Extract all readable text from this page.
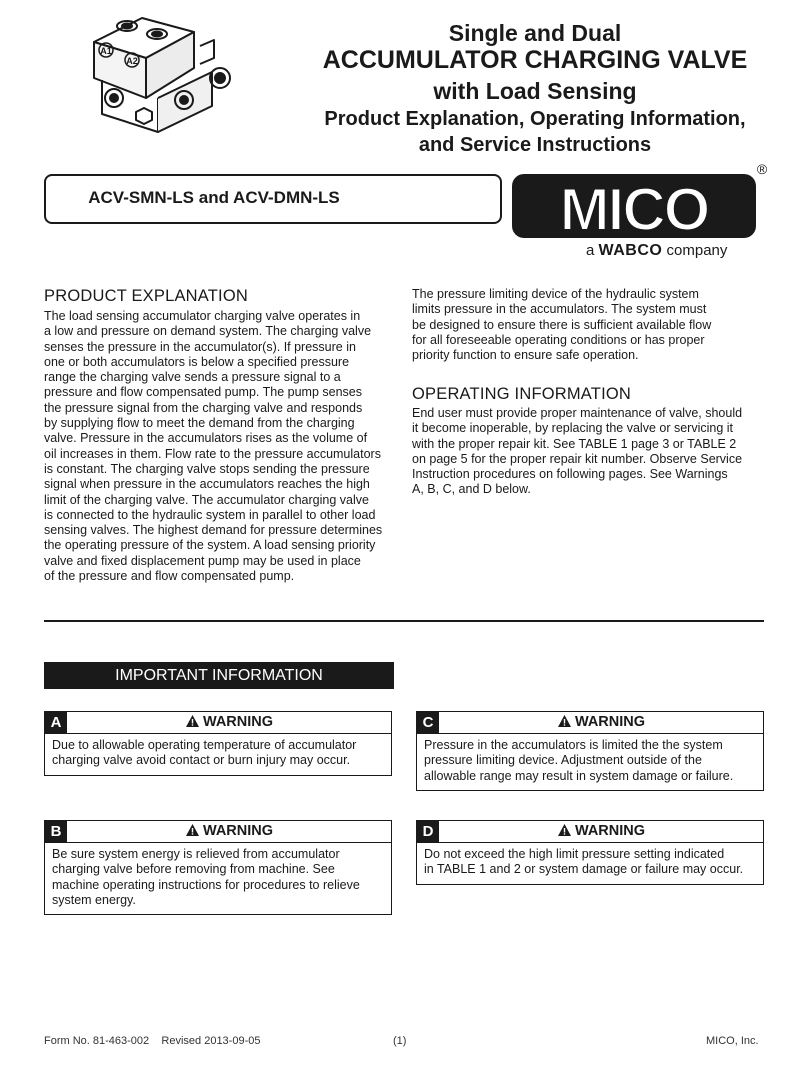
A1
A2
Single and Dual
ACCUMULATOR CHARGING VALVE
with Load Sensing
Product Explanation, Operating Information,
and Service Instructions
ACV-SMN-LS and ACV-DMN-LS	MICO
®
a WABCO company
PRODUCT EXPLANATION
The load sensing accumulator charging valve operates in
a low and pressure on demand system. The charging valve
senses the pressure in the accumulator(s). If pressure in
one or both accumulators is below a specified pressure
range the charging valve sends a pressure signal to a
pressure and flow compensated pump. The pump senses
the pressure signal from the charging valve and responds
by supplying flow to meet the demand from the charging
valve. Pressure in the accumulators rises as the volume of
oil increases in them. Flow rate to the pressure accumulators
is constant. The charging valve stops sending the pressure
signal when pressure in the accumulators reaches the high
limit of the charging valve. The accumulator charging valve
is connected to the hydraulic system in parallel to other load
sensing valves. The highest demand for pressure determines
the operating pressure of the system. A load sensing priority
valve and fixed displacement pump may be used in place
of the pressure and flow compensated pump.
The pressure limiting device of the hydraulic system
limits pressure in the accumulators. The system must
be designed to ensure there is sufficient available flow
for all foreseeable operating conditions or has proper
priority function to ensure safe operation.
OPERATING INFORMATION
End user must provide proper maintenance of valve, should
it become inoperable, by replacing the valve or servicing it
with the proper repair kit. See TABLE 1 page 3 or TABLE 2
on page 5 for the proper repair kit number. Observe Service
Instruction procedures on following pages. See Warnings
A, B, C, and D below.
IMPORTANT INFORMATION
A	WARNING
Due to allowable operating temperature of accumulator
charging valve avoid contact or burn injury may occur.
C	WARNING
Pressure in the accumulators is limited the the system
pressure limiting device. Adjustment outside of the
allowable range may result in system damage or failure.
B	WARNING
Be sure system energy is relieved from accumulator
charging valve before removing from machine. See
machine operating instructions for procedures to relieve
system energy.
D	WARNING
Do not exceed the high limit pressure setting indicated
in TABLE 1 and 2 or system damage or failure may occur.
Form No. 81-463-002 Revised 2013-09-05	(1)	MICO, Inc.
